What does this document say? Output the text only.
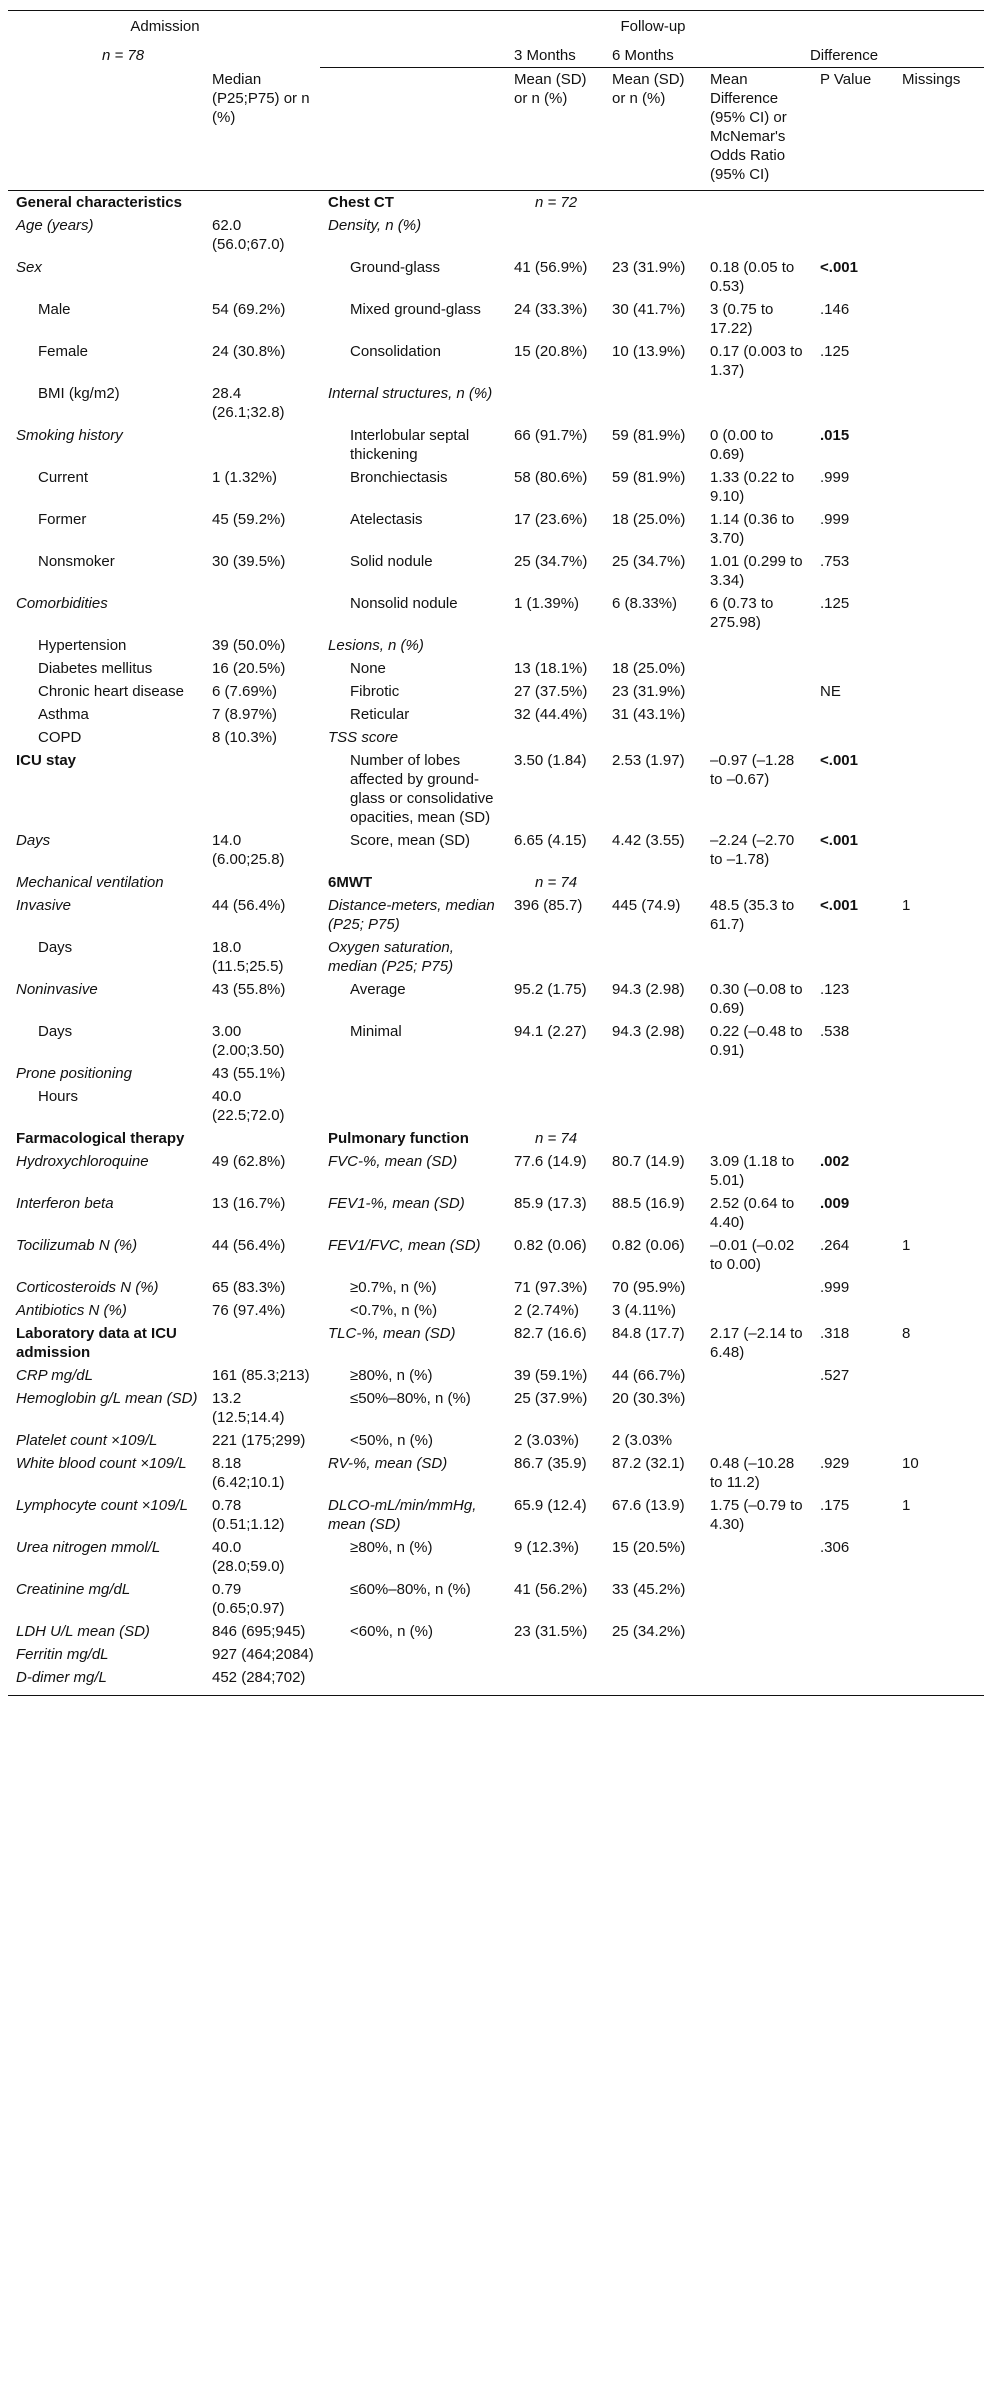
Admission	Follow-up
	n = 78		3 Months	6 Months	Difference
	Median (P25;P75) or n (%)		Mean (SD) or n (%)	Mean (SD) or n (%)	Mean Difference (95% CI) or McNemar's Odds Ratio (95% CI)	P Value	Missings
General characteristics		Chest CT	n = 72				
Age (years)	62.0 (56.0;67.0)	Density, n (%)					
Sex		Ground-glass	41 (56.9%)	23 (31.9%)	0.18 (0.05 to 0.53)	<.001	
Male	54 (69.2%)	Mixed ground-glass	24 (33.3%)	30 (41.7%)	3 (0.75 to 17.22)	.146	
Female	24 (30.8%)	Consolidation	15 (20.8%)	10 (13.9%)	0.17 (0.003 to 1.37)	.125	
BMI (kg/m2)	28.4 (26.1;32.8)	Internal structures, n (%)					
Smoking history		Interlobular septal thickening	66 (91.7%)	59 (81.9%)	0 (0.00 to 0.69)	.015	
Current	1 (1.32%)	Bronchiectasis	58 (80.6%)	59 (81.9%)	1.33 (0.22 to 9.10)	.999	
Former	45 (59.2%)	Atelectasis	17 (23.6%)	18 (25.0%)	1.14 (0.36 to 3.70)	.999	
Nonsmoker	30 (39.5%)	Solid nodule	25 (34.7%)	25 (34.7%)	1.01 (0.299 to 3.34)	.753	
Comorbidities		Nonsolid nodule	1 (1.39%)	6 (8.33%)	6 (0.73 to 275.98)	.125	
Hypertension	39 (50.0%)	Lesions, n (%)					
Diabetes mellitus	16 (20.5%)	None	13 (18.1%)	18 (25.0%)			
Chronic heart disease	6 (7.69%)	Fibrotic	27 (37.5%)	23 (31.9%)		NE	
Asthma	7 (8.97%)	Reticular	32 (44.4%)	31 (43.1%)			
COPD	8 (10.3%)	TSS score					
ICU stay		Number of lobes affected by ground-glass or consolidative opacities, mean (SD)	3.50 (1.84)	2.53 (1.97)	–0.97 (–1.28 to –0.67)	<.001	
Days	14.0 (6.00;25.8)	Score, mean (SD)	6.65 (4.15)	4.42 (3.55)	–2.24 (–2.70 to –1.78)	<.001	
Mechanical ventilation		6MWT	n = 74				
Invasive	44 (56.4%)	Distance-meters, median (P25; P75)	396 (85.7)	445 (74.9)	48.5 (35.3 to 61.7)	<.001	1
Days	18.0 (11.5;25.5)	Oxygen saturation, median (P25; P75)					
Noninvasive	43 (55.8%)	Average	95.2 (1.75)	94.3 (2.98)	0.30 (–0.08 to 0.69)	.123	
Days	3.00 (2.00;3.50)	Minimal	94.1 (2.27)	94.3 (2.98)	0.22 (–0.48 to 0.91)	.538	
Prone positioning	43 (55.1%)						
Hours	40.0 (22.5;72.0)						
Farmacological therapy		Pulmonary function	n = 74				
Hydroxychloroquine	49 (62.8%)	FVC-%, mean (SD)	77.6 (14.9)	80.7 (14.9)	3.09 (1.18 to 5.01)	.002	
Interferon beta	13 (16.7%)	FEV1-%, mean (SD)	85.9 (17.3)	88.5 (16.9)	2.52 (0.64 to 4.40)	.009	
Tocilizumab N (%)	44 (56.4%)	FEV1/FVC, mean (SD)	0.82 (0.06)	0.82 (0.06)	–0.01 (–0.02 to 0.00)	.264	1
Corticosteroids N (%)	65 (83.3%)	≥0.7%, n (%)	71 (97.3%)	70 (95.9%)		.999	
Antibiotics N (%)	76 (97.4%)	<0.7%, n (%)	2 (2.74%)	3 (4.11%)			
Laboratory data at ICU admission		TLC-%, mean (SD)	82.7 (16.6)	84.8 (17.7)	2.17 (–2.14 to 6.48)	.318	8
CRP mg/dL	161 (85.3;213)	≥80%, n (%)	39 (59.1%)	44 (66.7%)		.527	
Hemoglobin g/L mean (SD)	13.2 (12.5;14.4)	≤50%–80%, n (%)	25 (37.9%)	20 (30.3%)			
Platelet count ×109/L	221 (175;299)	<50%, n (%)	2 (3.03%)	2 (3.03%			
White blood count ×109/L	8.18 (6.42;10.1)	RV-%, mean (SD)	86.7 (35.9)	87.2 (32.1)	0.48 (–10.28 to 11.2)	.929	10
Lymphocyte count ×109/L	0.78 (0.51;1.12)	DLCO-mL/min/mmHg, mean (SD)	65.9 (12.4)	67.6 (13.9)	1.75 (–0.79 to 4.30)	.175	1
Urea nitrogen mmol/L	40.0 (28.0;59.0)	≥80%, n (%)	9 (12.3%)	15 (20.5%)		.306	
Creatinine mg/dL	0.79 (0.65;0.97)	≤60%–80%, n (%)	41 (56.2%)	33 (45.2%)			
LDH U/L mean (SD)	846 (695;945)	<60%, n (%)	23 (31.5%)	25 (34.2%)			
Ferritin mg/dL	927 (464;2084)						
D-dimer mg/L	452 (284;702)						
